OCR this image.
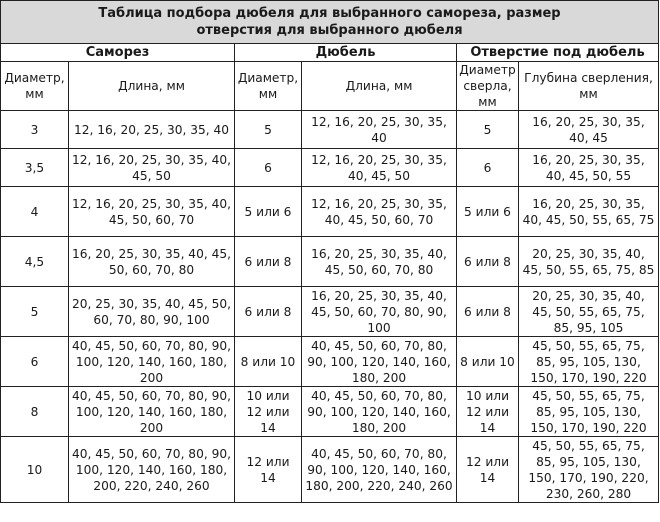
Таблица подбора дюбеля для выбранного самореза, размер отверстия для выбранного дюбеля					
Саморез		Дюбель		Отверстие под дюбель	
Диаметр, мм	Длина, мм	Диаметр, мм	Длина, мм	Диаметр сверла, мм	Глубина сверления, мм
3	12, 16, 20, 25, 30, 35, 40	5	12, 16, 20, 25, 30, 35, 40	5	16, 20, 25, 30, 35, 40, 45
3,5	12, 16, 20, 25, 30, 35, 40, 45, 50	6	12, 16, 20, 25, 30, 35, 40, 45, 50	6	16, 20, 25, 30, 35, 40, 45, 50, 55
4	12, 16, 20, 25, 30, 35, 40, 45, 50, 60, 70	5 или 6	12, 16, 20, 25, 30, 35, 40, 45, 50, 60, 70	5 или 6	16, 20, 25, 30, 35, 40, 45, 50, 55, 65, 75
4,5	16, 20, 25, 30, 35, 40, 45, 50, 60, 70, 80	6 или 8	16, 20, 25, 30, 35, 40, 45, 50, 60, 70, 80	6 или 8	20, 25, 30, 35, 40, 45, 50, 55, 65, 75, 85
5	20, 25, 30, 35, 40, 45, 50, 60, 70, 80, 90, 100	6 или 8	16, 20, 25, 30, 35, 40, 45, 50, 60, 70, 80, 90, 100	6 или 8	20, 25, 30, 35, 40, 45, 50, 55, 65, 75, 85, 95, 105
6	40, 45, 50, 60, 70, 80, 90, 100, 120, 140, 160, 180, 200	8 или 10	40, 45, 50, 60, 70, 80, 90, 100, 120, 140, 160, 180, 200	8 или 10	45, 50, 55, 65, 75, 85, 95, 105, 130, 150, 170, 190, 220
8	40, 45, 50, 60, 70, 80, 90, 100, 120, 140, 160, 180, 200	10 или 12 или 14	40, 45, 50, 60, 70, 80, 90, 100, 120, 140, 160, 180, 200	10 или 12 или 14	45, 50, 55, 65, 75, 85, 95, 105, 130, 150, 170, 190, 220
10	40, 45, 50, 60, 70, 80, 90, 100, 120, 140, 160, 180, 200, 220, 240, 260	12 или 14	40, 45, 50, 60, 70, 80, 90, 100, 120, 140, 160, 180, 200, 220, 240, 260	12 или 14	45, 50, 55, 65, 75, 85, 95, 105, 130, 150, 170, 190, 220, 230, 260, 280
